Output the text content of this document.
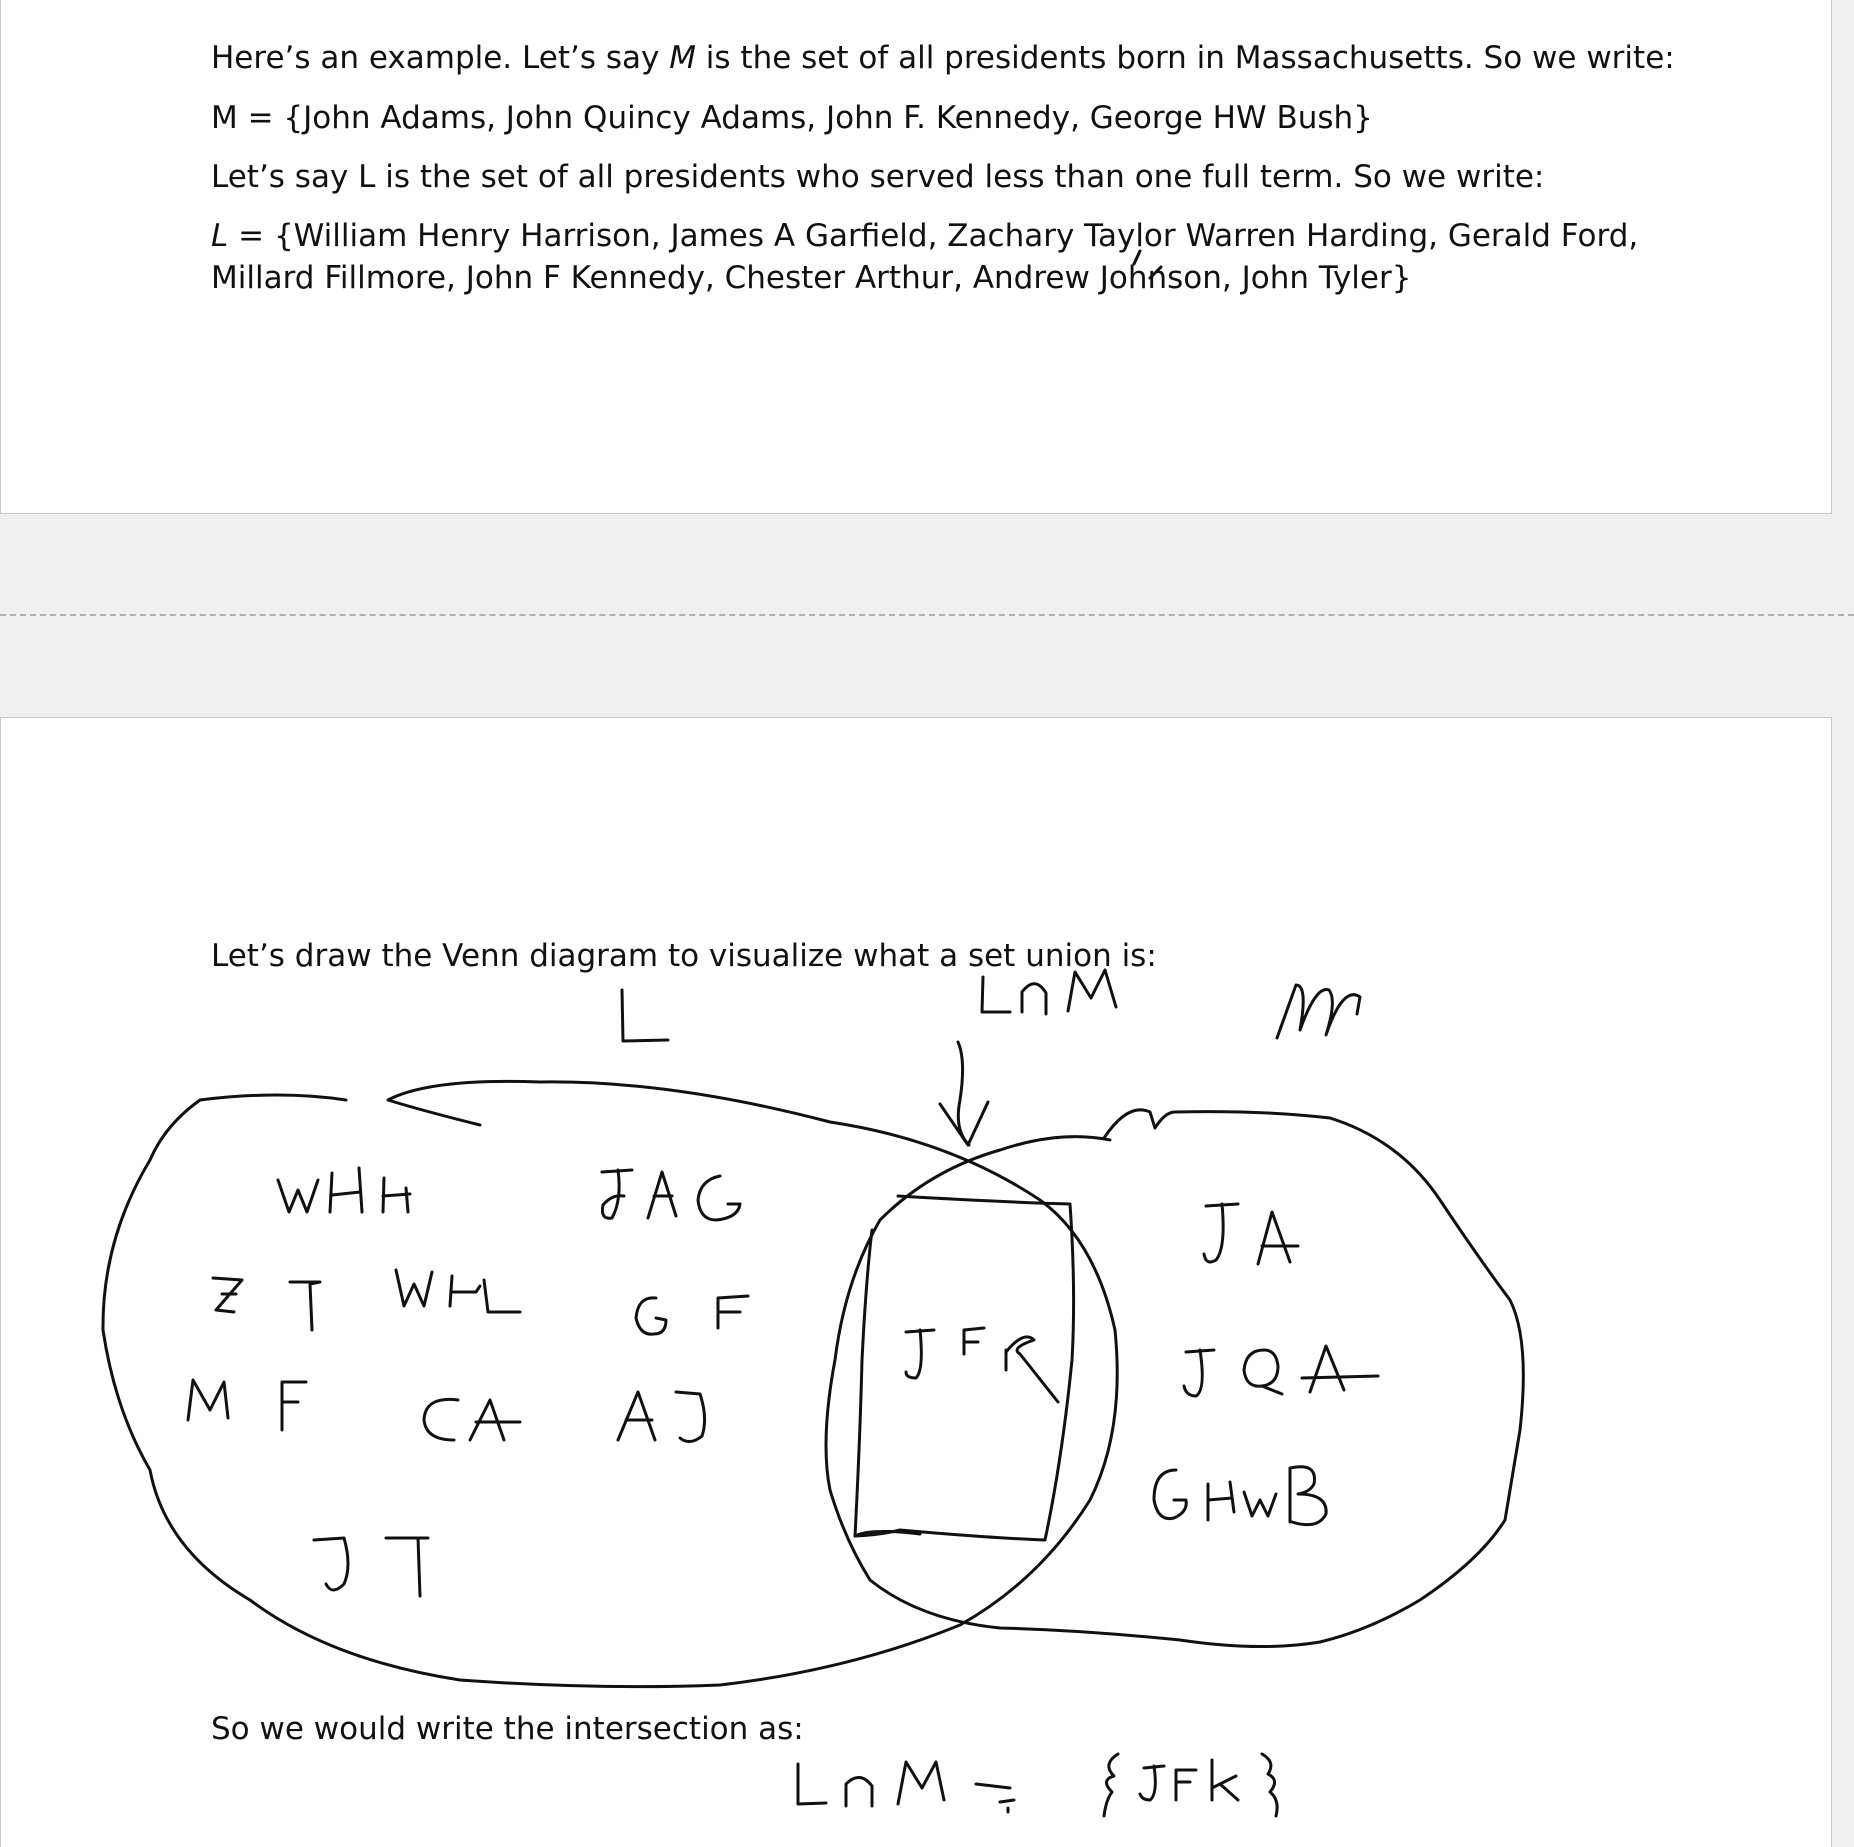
Here’s an example. Let’s say M is the set of all presidents born in Massachusetts. So we write:
M = {John Adams, John Quincy Adams, John F. Kennedy, George HW Bush}
Let’s say L is the set of all presidents who served less than one full term. So we write:
L = {William Henry Harrison, James A Garfield, Zachary Taylor Warren Harding, Gerald Ford,
Millard Fillmore, John F Kennedy, Chester Arthur, Andrew Johnson, John Tyler}
Let’s draw the Venn diagram to visualize what a set union is:
So we would write the intersection as:
